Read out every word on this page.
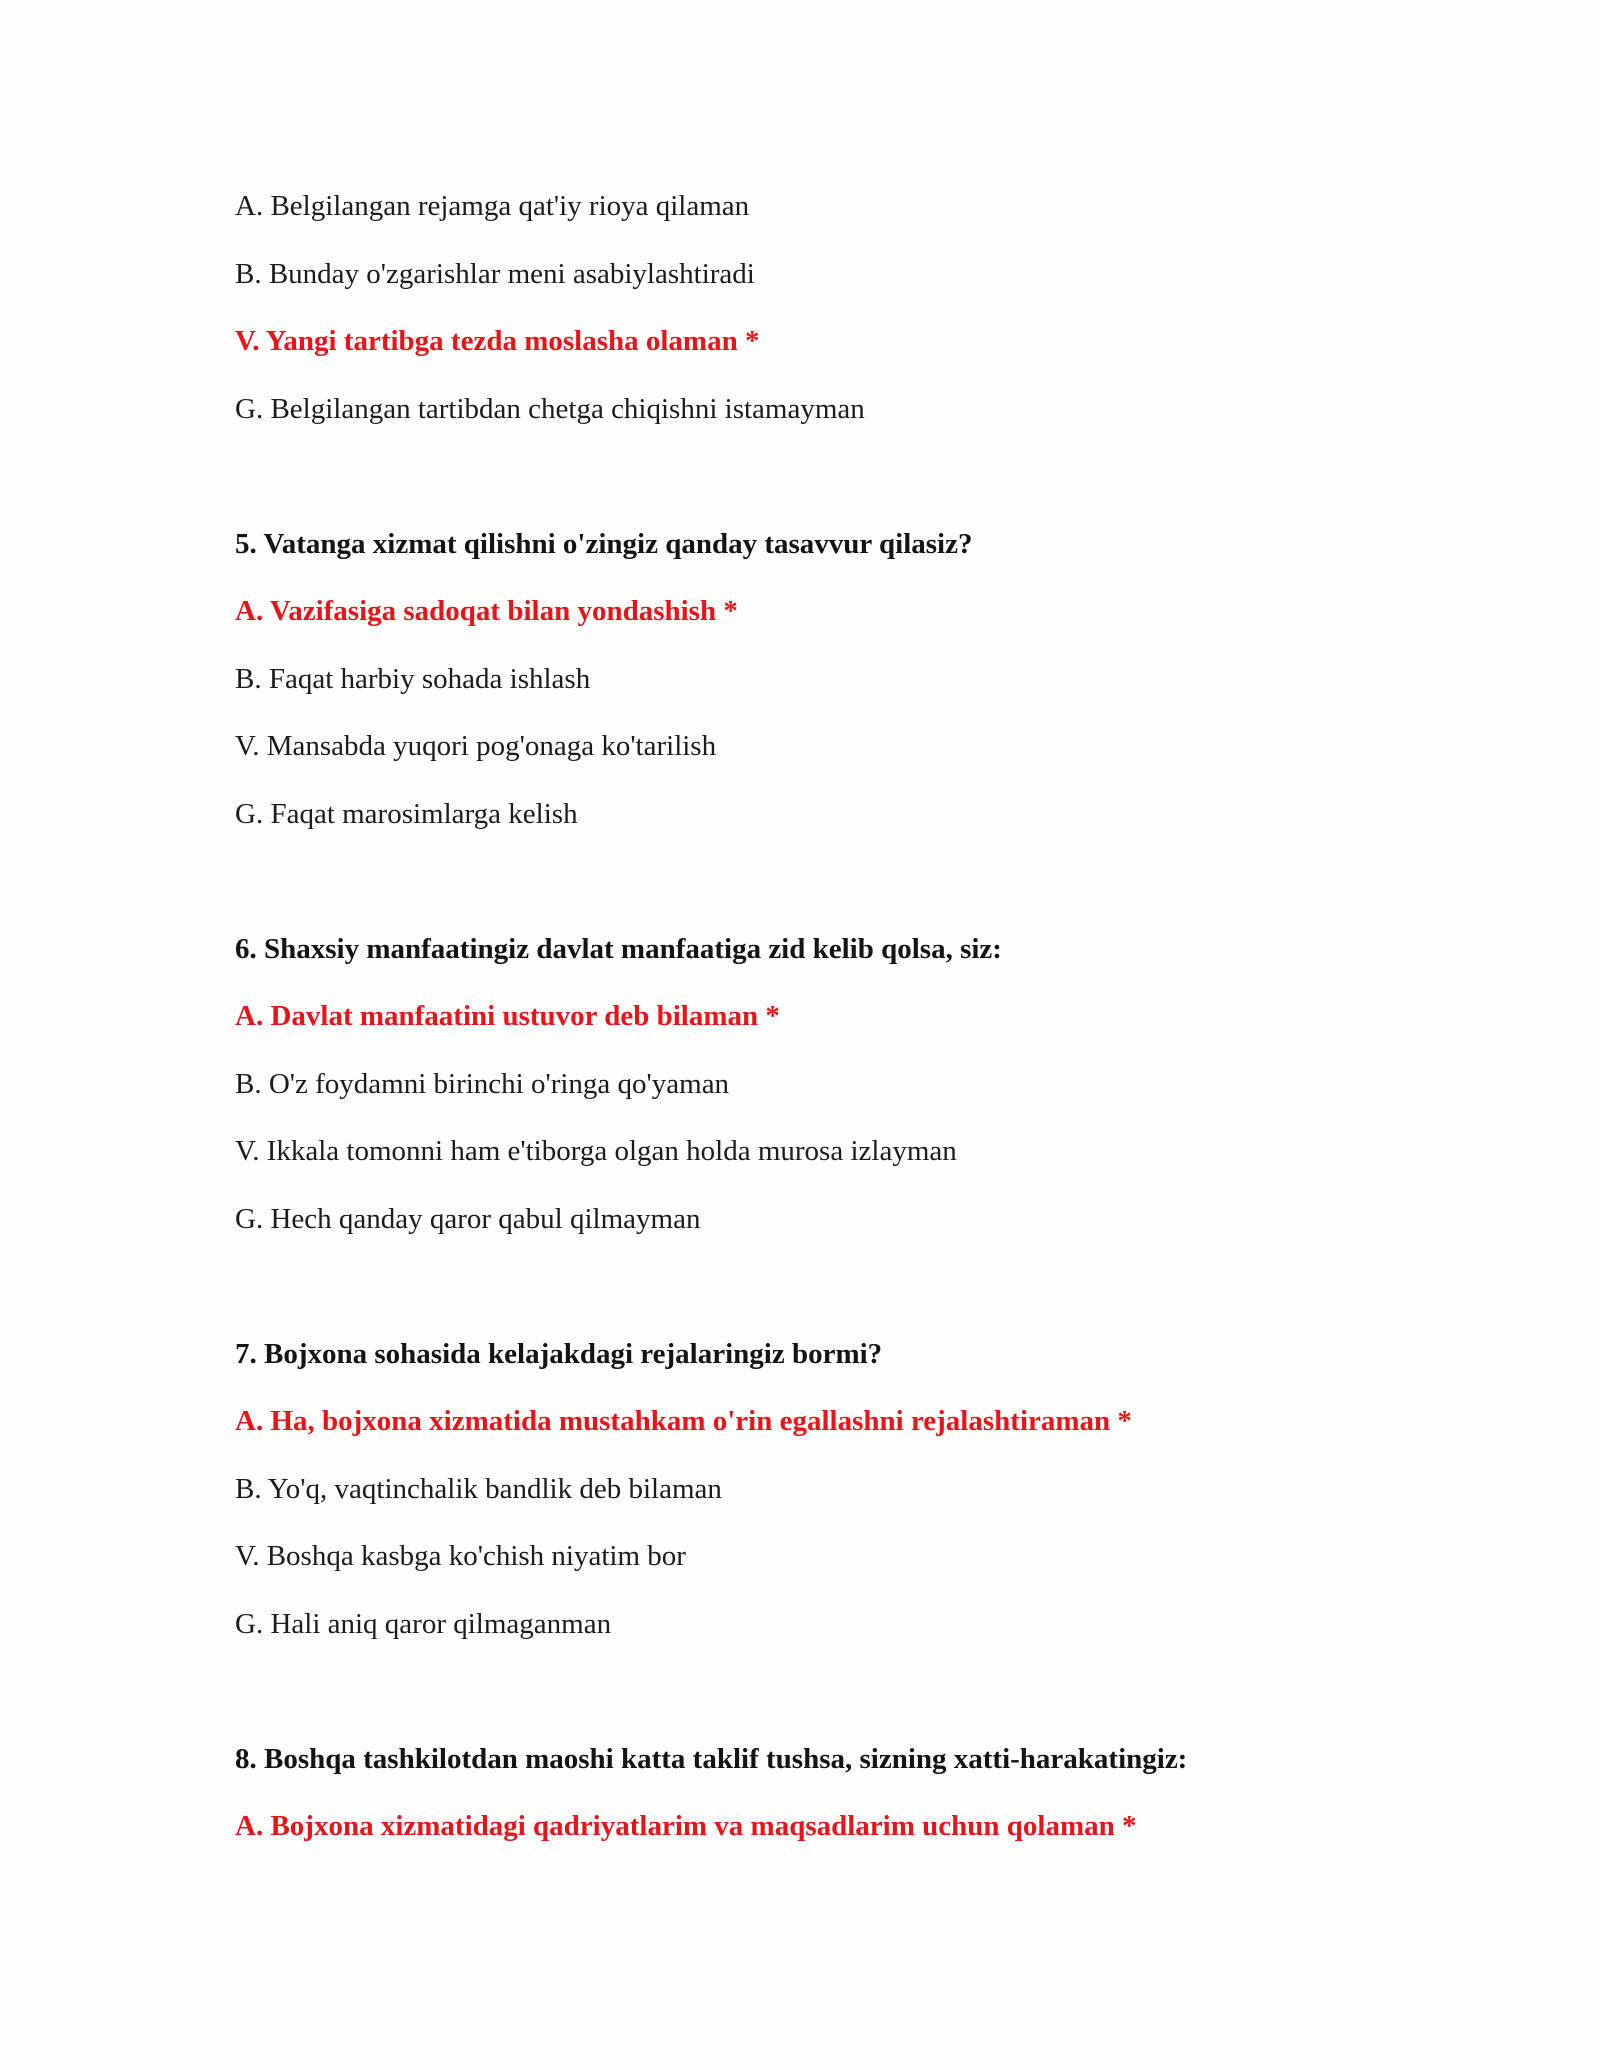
A. Belgilangan rejamga qat'iy rioya qilaman

B. Bunday o'zgarishlar meni asabiylashtiradi

V. Yangi tartibga tezda moslasha olaman *

G. Belgilangan tartibdan chetga chiqishni istamayman

5. Vatanga xizmat qilishni o'zingiz qanday tasavvur qilasiz?

A. Vazifasiga sadoqat bilan yondashish *

B. Faqat harbiy sohada ishlash

V. Mansabda yuqori pog'onaga ko'tarilish

G. Faqat marosimlarga kelish

6. Shaxsiy manfaatingiz davlat manfaatiga zid kelib qolsa, siz:

A. Davlat manfaatini ustuvor deb bilaman *

B. O'z foydamni birinchi o'ringa qo'yaman

V. Ikkala tomonni ham e'tiborga olgan holda murosa izlayman

G. Hech qanday qaror qabul qilmayman

7. Bojxona sohasida kelajakdagi rejalaringiz bormi?

A. Ha, bojxona xizmatida mustahkam o'rin egallashni rejalashtiraman *

B. Yo'q, vaqtinchalik bandlik deb bilaman

V. Boshqa kasbga ko'chish niyatim bor

G. Hali aniq qaror qilmaganman

8. Boshqa tashkilotdan maoshi katta taklif tushsa, sizning xatti-harakatingiz:

A. Bojxona xizmatidagi qadriyatlarim va maqsadlarim uchun qolaman *
